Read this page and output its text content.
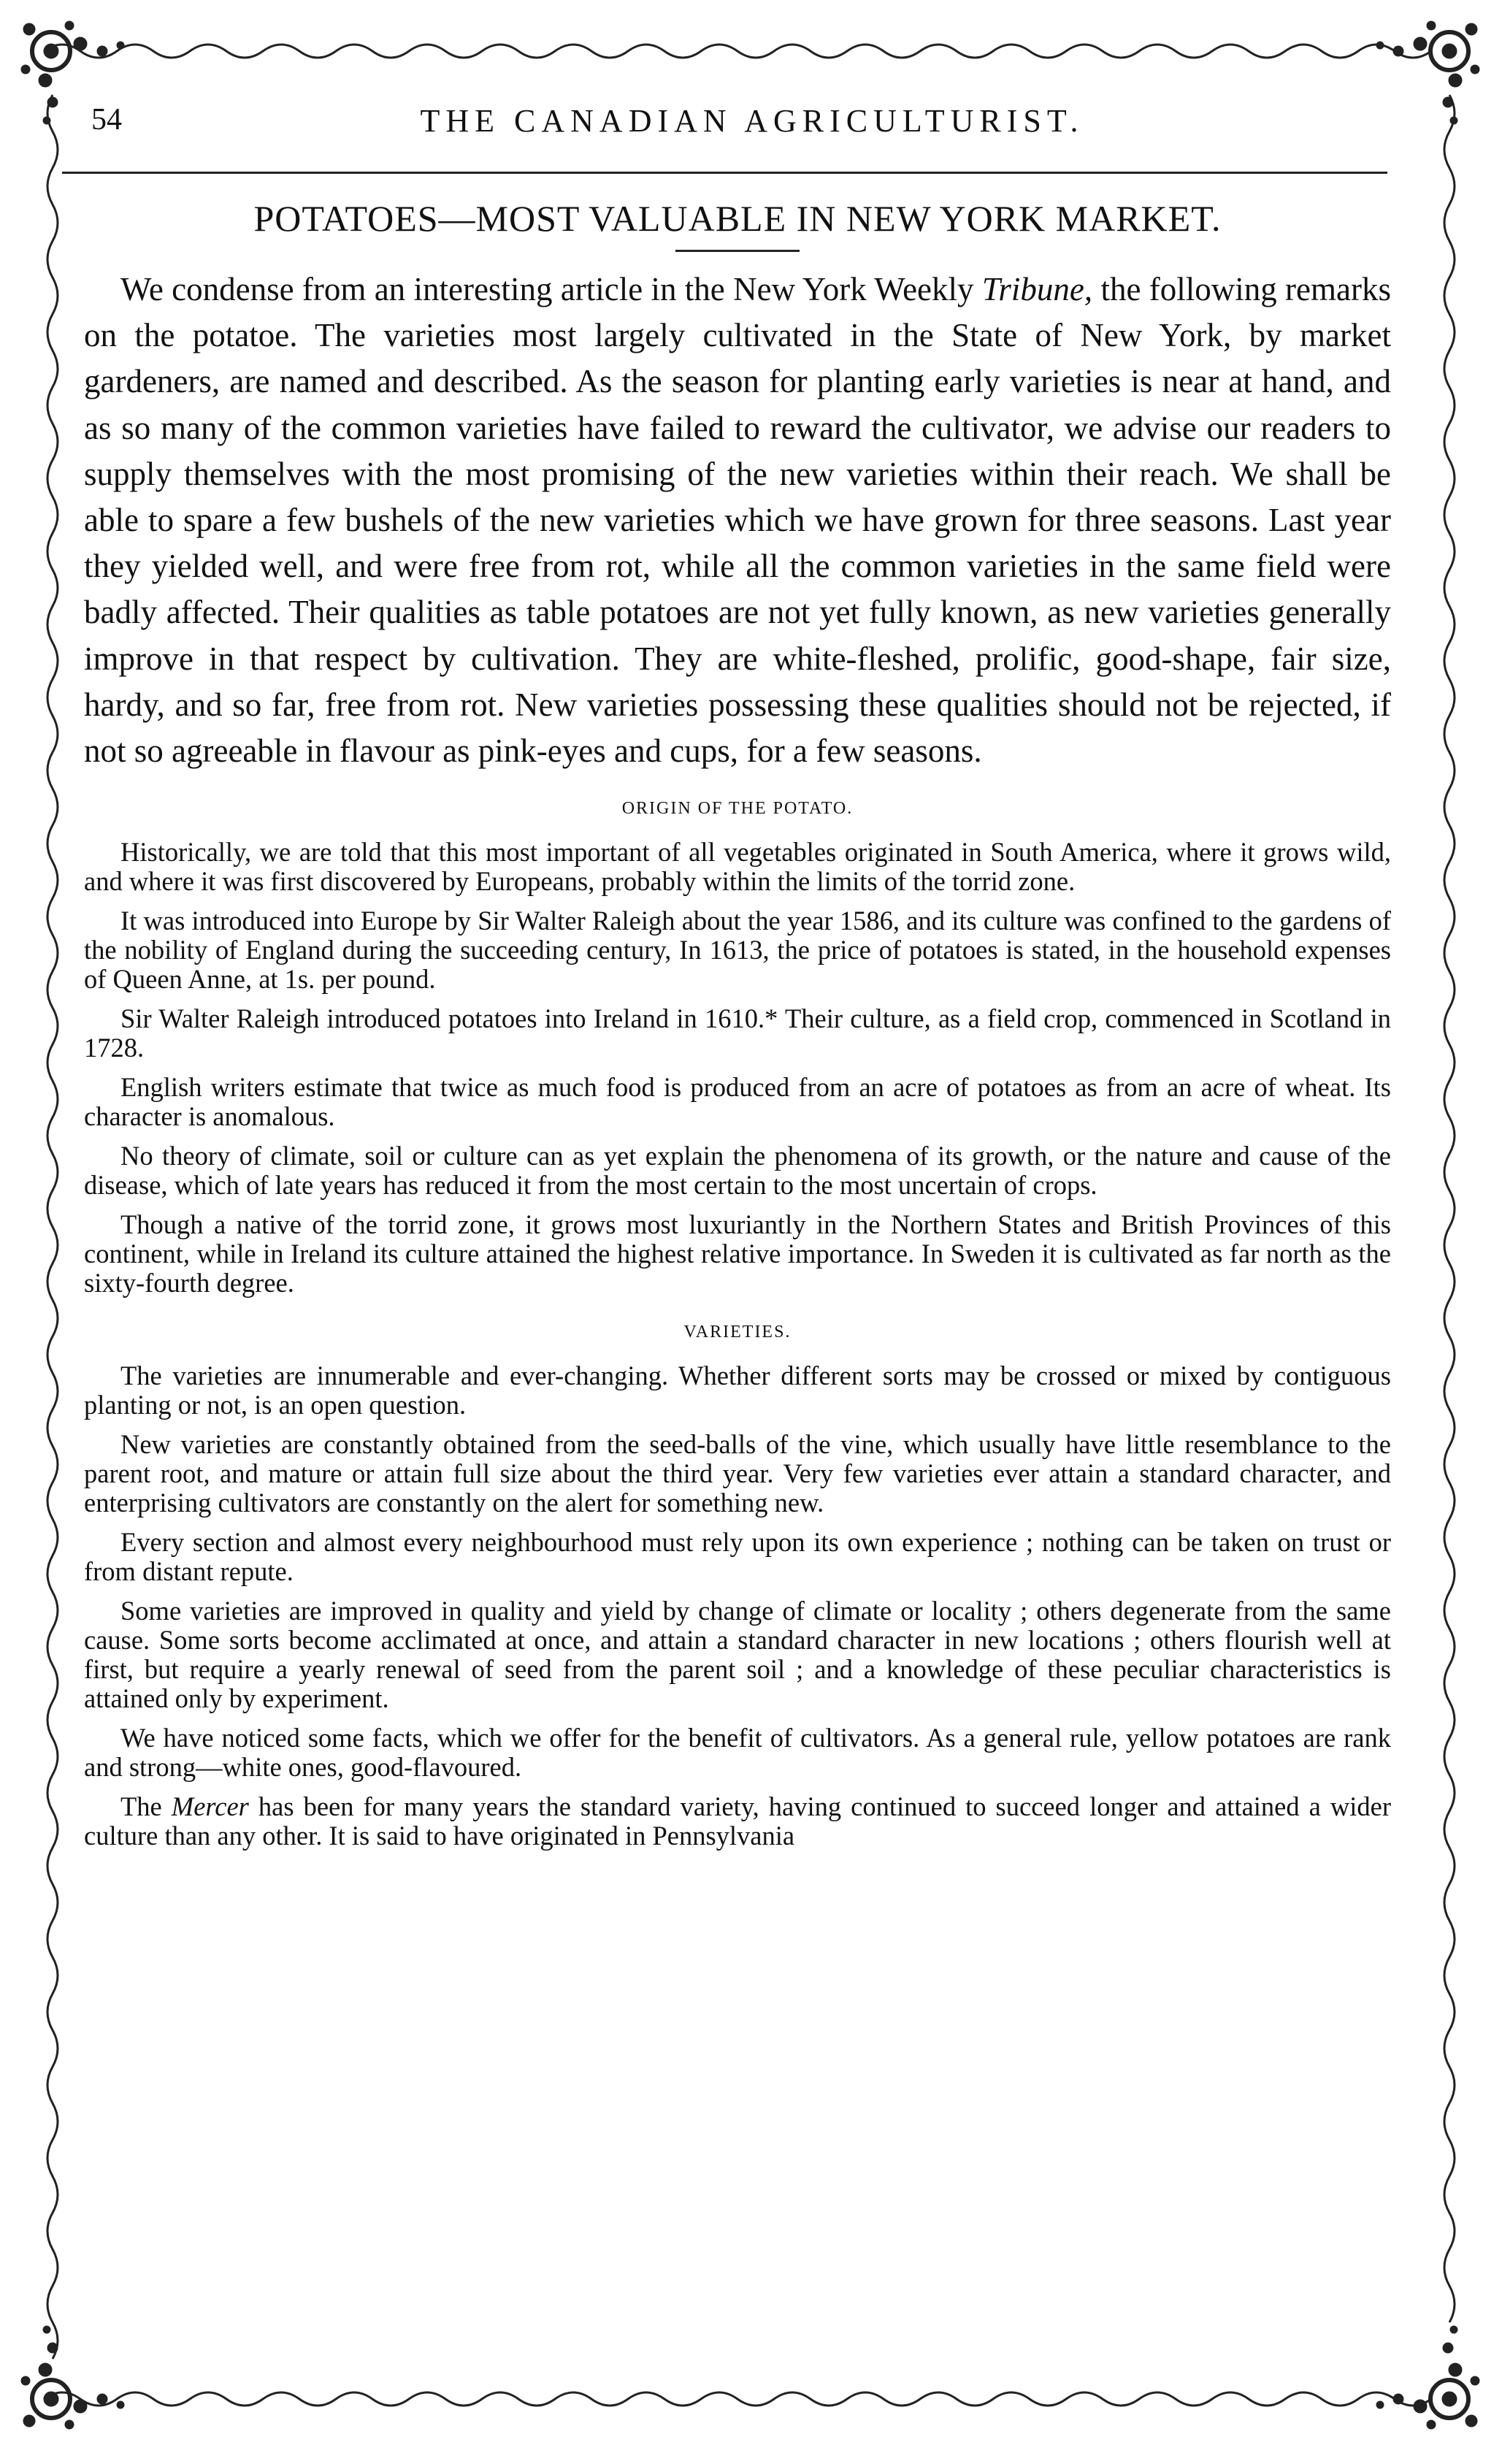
54	THE CANADIAN AGRICULTURIST.
POTATOES—MOST VALUABLE IN NEW YORK MARKET.

We condense from an interesting article in the New York Weekly Tribune, the following remarks on the potatoe. The varieties most largely cultivated in the State of New York, by market gardeners, are named and described. As the season for planting early varieties is near at hand, and as so many of the common varieties have failed to reward the cultivator, we advise our readers to supply themselves with the most promising of the new varieties within their reach. We shall be able to spare a few bushels of the new varieties which we have grown for three seasons. Last year they yielded well, and were free from rot, while all the common varieties in the same field were badly affected. Their qualities as table potatoes are not yet fully known, as new varieties generally improve in that respect by cultivation. They are white-fleshed, prolific, good-shape, fair size, hardy, and so far, free from rot. New varieties possessing these qualities should not be rejected, if not so agreeable in flavour as pink-eyes and cups, for a few seasons.

ORIGIN OF THE POTATO.

Historically, we are told that this most important of all vegetables originated in South America, where it grows wild, and where it was first discovered by Europeans, probably within the limits of the torrid zone.

It was introduced into Europe by Sir Walter Raleigh about the year 1586, and its culture was confined to the gardens of the nobility of England during the succeeding century, In 1613, the price of potatoes is stated, in the household expenses of Queen Anne, at 1s. per pound.

Sir Walter Raleigh introduced potatoes into Ireland in 1610.* Their culture, as a field crop, commenced in Scotland in 1728.

English writers estimate that twice as much food is produced from an acre of potatoes as from an acre of wheat. Its character is anomalous.

No theory of climate, soil or culture can as yet explain the phenomena of its growth, or the nature and cause of the disease, which of late years has reduced it from the most certain to the most uncertain of crops.

Though a native of the torrid zone, it grows most luxuriantly in the Northern States and British Provinces of this continent, while in Ireland its culture attained the highest relative importance. In Sweden it is cultivated as far north as the sixty-fourth degree.

VARIETIES.

The varieties are innumerable and ever-changing. Whether different sorts may be crossed or mixed by contiguous planting or not, is an open question.

New varieties are constantly obtained from the seed-balls of the vine, which usually have little resemblance to the parent root, and mature or attain full size about the third year. Very few varieties ever attain a standard character, and enterprising cultivators are constantly on the alert for something new.

Every section and almost every neighbourhood must rely upon its own experience ; nothing can be taken on trust or from distant repute.

Some varieties are improved in quality and yield by change of climate or locality ; others degenerate from the same cause. Some sorts become acclimated at once, and attain a standard character in new locations ; others flourish well at first, but require a yearly renewal of seed from the parent soil ; and a knowledge of these peculiar characteristics is attained only by experiment.

We have noticed some facts, which we offer for the benefit of cultivators. As a general rule, yellow potatoes are rank and strong—white ones, good-flavoured.

The Mercer has been for many years the standard variety, having continued to succeed longer and attained a wider culture than any other. It is said to have originated in Pennsylvania
